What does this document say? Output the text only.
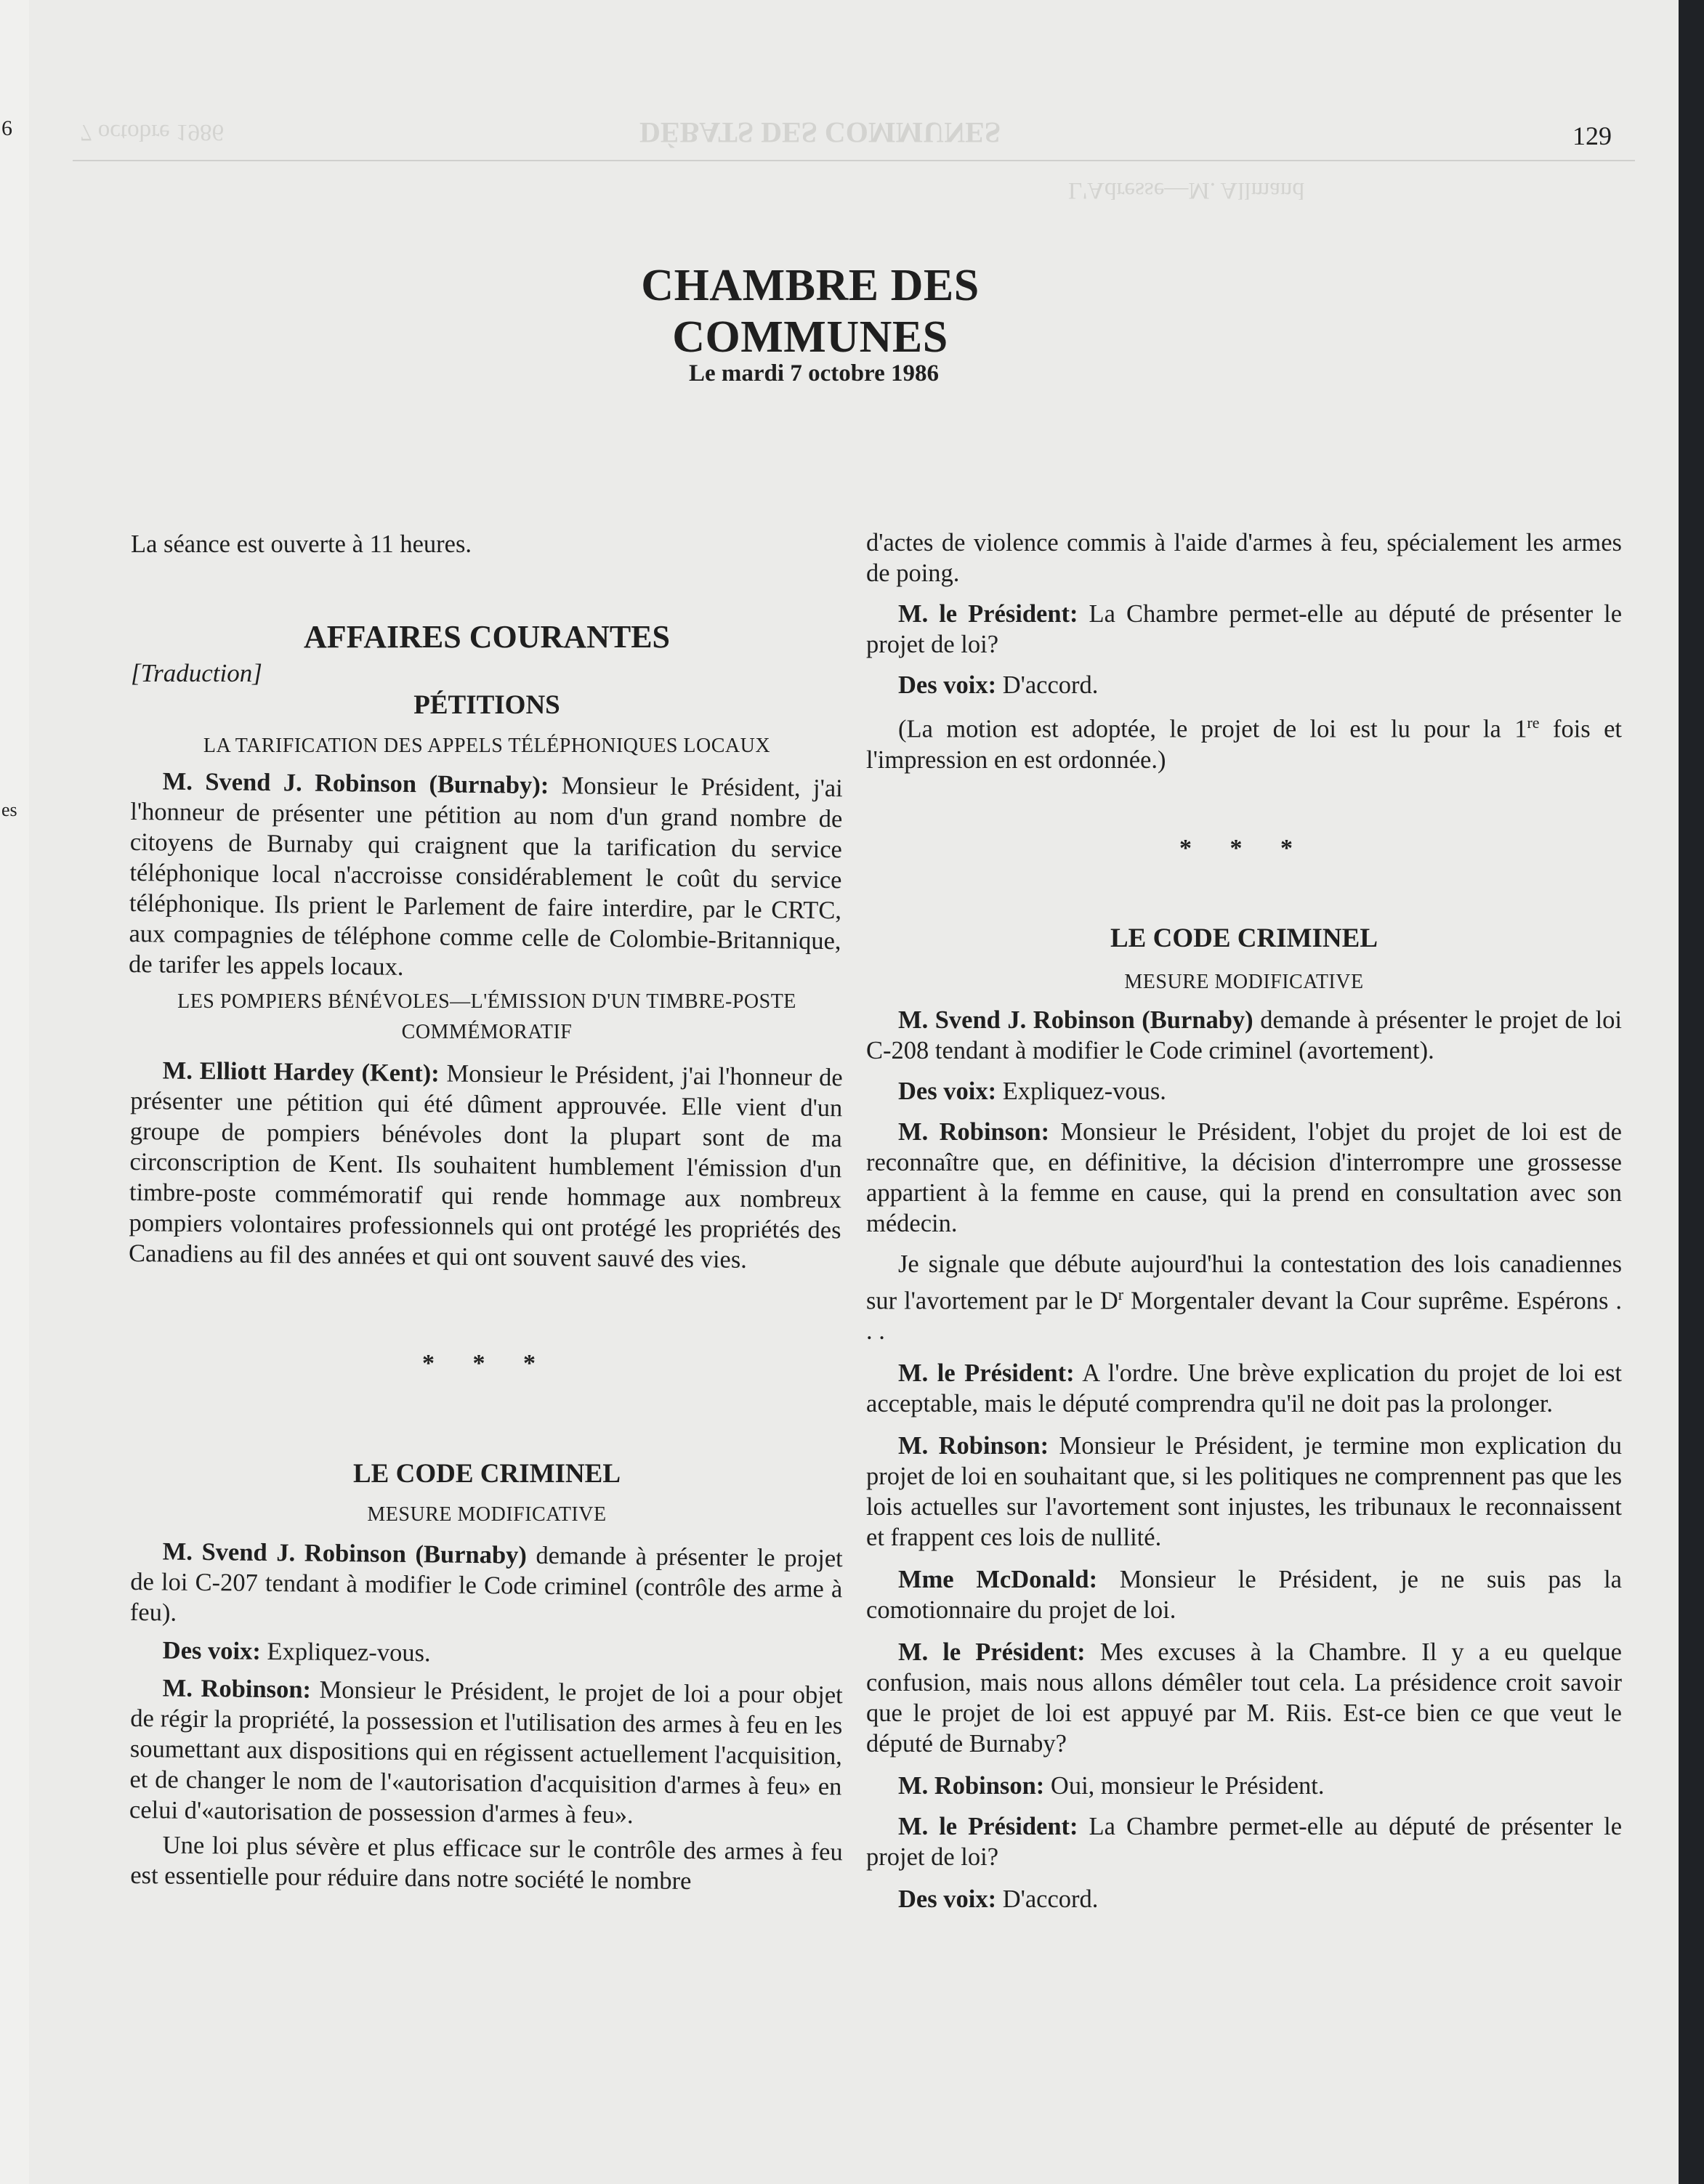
6
es
DÉBATS DES COMMUNES
7 octobre 1986
L'Adresse—M. Allmand
129
CHAMBRE DES COMMUNES
Le mardi 7 octobre 1986

La séance est ouverte à 11 heures.

AFFAIRES COURANTES

[Traduction]

PÉTITIONS

LA TARIFICATION DES APPELS TÉLÉPHONIQUES LOCAUX

M. Svend J. Robinson (Burnaby): Monsieur le Président, j'ai l'honneur de présenter une pétition au nom d'un grand nombre de citoyens de Burnaby qui craignent que la tarification du service téléphonique local n'accroisse considérablement le coût du service téléphonique. Ils prient le Parlement de faire interdire, par le CRTC, aux compagnies de téléphone comme celle de Colombie-Britannique, de tarifer les appels locaux.

LES POMPIERS BÉNÉVOLES—L'ÉMISSION D'UN TIMBRE-POSTE COMMÉMORATIF

M. Elliott Hardey (Kent): Monsieur le Président, j'ai l'honneur de présenter une pétition qui été dûment approuvée. Elle vient d'un groupe de pompiers bénévoles dont la plupart sont de ma circonscription de Kent. Ils souhaitent humblement l'émission d'un timbre-poste commémoratif qui rende hommage aux nombreux pompiers volontaires professionnels qui ont protégé les propriétés des Canadiens au fil des années et qui ont souvent sauvé des vies.

* * *

LE CODE CRIMINEL

MESURE MODIFICATIVE

M. Svend J. Robinson (Burnaby) demande à présenter le projet de loi C-207 tendant à modifier le Code criminel (contrôle des arme à feu).

Des voix: Expliquez-vous.

M. Robinson: Monsieur le Président, le projet de loi a pour objet de régir la propriété, la possession et l'utilisation des armes à feu en les soumettant aux dispositions qui en régissent actuellement l'acquisition, et de changer le nom de l'«autorisation d'acquisition d'armes à feu» en celui d'«autorisation de possession d'armes à feu».

Une loi plus sévère et plus efficace sur le contrôle des armes à feu est essentielle pour réduire dans notre société le nombre

d'actes de violence commis à l'aide d'armes à feu, spécialement les armes de poing.

M. le Président: La Chambre permet-elle au député de présenter le projet de loi?

Des voix: D'accord.

(La motion est adoptée, le projet de loi est lu pour la 1re fois et l'impression en est ordonnée.)

* * *

LE CODE CRIMINEL

MESURE MODIFICATIVE

M. Svend J. Robinson (Burnaby) demande à présenter le projet de loi C-208 tendant à modifier le Code criminel (avortement).

Des voix: Expliquez-vous.

M. Robinson: Monsieur le Président, l'objet du projet de loi est de reconnaître que, en définitive, la décision d'interrompre une grossesse appartient à la femme en cause, qui la prend en consultation avec son médecin.

Je signale que débute aujourd'hui la contestation des lois canadiennes sur l'avortement par le $D^r$ Morgentaler devant la Cour suprême. Espérons . . .

M. le Président: A l'ordre. Une brève explication du projet de loi est acceptable, mais le député comprendra qu'il ne doit pas la prolonger.

M. Robinson: Monsieur le Président, je termine mon explication du projet de loi en souhaitant que, si les politiques ne comprennent pas que les lois actuelles sur l'avortement sont injustes, les tribunaux le reconnaissent et frappent ces lois de nullité.

Mme McDonald: Monsieur le Président, je ne suis pas la comotionnaire du projet de loi.

M. le Président: Mes excuses à la Chambre. Il y a eu quelque confusion, mais nous allons démêler tout cela. La présidence croit savoir que le projet de loi est appuyé par M. Riis. Est-ce bien ce que veut le député de Burnaby?

M. Robinson: Oui, monsieur le Président.

M. le Président: La Chambre permet-elle au député de présenter le projet de loi?

Des voix: D'accord.
